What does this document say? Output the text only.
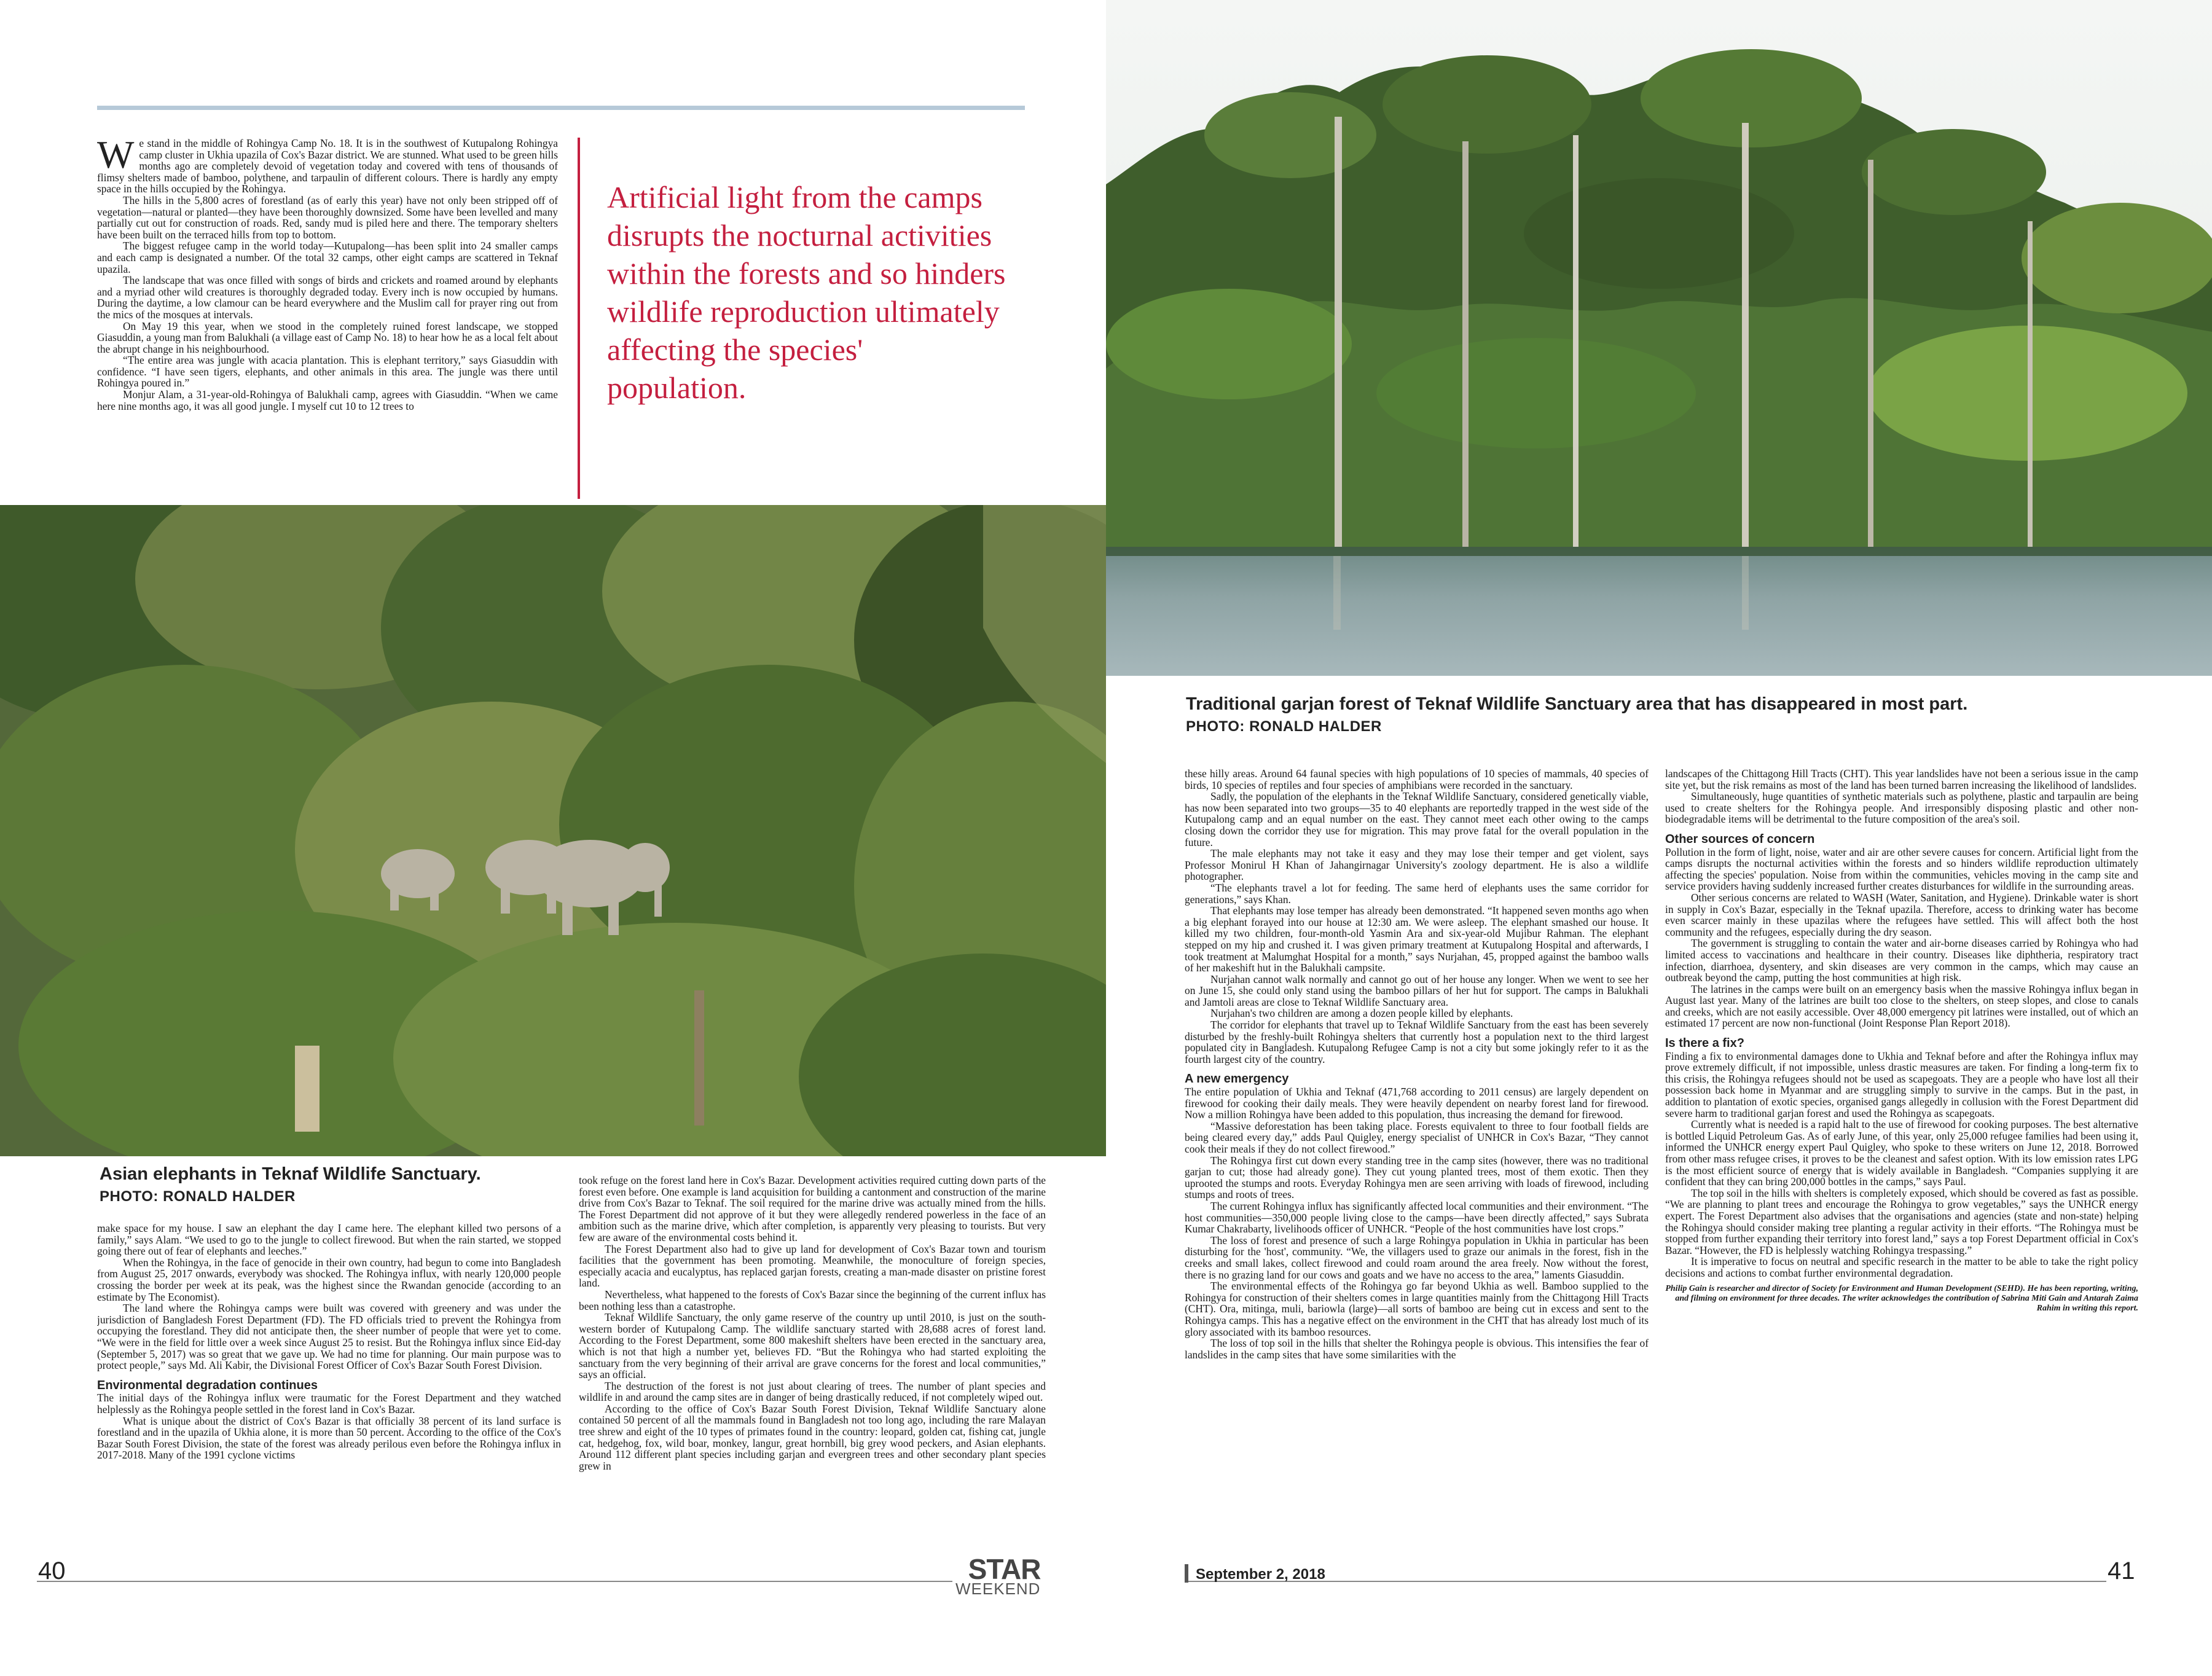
We stand in the middle of Rohingya Camp No. 18. It is in the southwest of Kutupalong Rohingya camp cluster in Ukhia upazila of Cox's Bazar district. We are stunned. What used to be green hills months ago are completely devoid of vegetation today and covered with tens of thousands of flimsy shelters made of bamboo, polythene, and tarpaulin of different colours. There is hardly any empty space in the hills occupied by the Rohingya.

The hills in the 5,800 acres of forestland (as of early this year) have not only been stripped off of vegetation—natural or planted—they have been thoroughly downsized. Some have been levelled and many partially cut out for construction of roads. Red, sandy mud is piled here and there. The temporary shelters have been built on the terraced hills from top to bottom.

The biggest refugee camp in the world today—Kutupalong—has been split into 24 smaller camps and each camp is designated a number. Of the total 32 camps, other eight camps are scattered in Teknaf upazila.

The landscape that was once filled with songs of birds and crickets and roamed around by elephants and a myriad other wild creatures is thoroughly degraded today. Every inch is now occupied by humans. During the daytime, a low clamour can be heard everywhere and the Muslim call for prayer ring out from the mics of the mosques at intervals.

On May 19 this year, when we stood in the completely ruined forest landscape, we stopped Giasuddin, a young man from Balukhali (a village east of Camp No. 18) to hear how he as a local felt about the abrupt change in his neighbourhood.

“The entire area was jungle with acacia plantation. This is elephant territory,” says Giasuddin with confidence. “I have seen tigers, elephants, and other animals in this area. The jungle was there until Rohingya poured in.”

Monjur Alam, a 31-year-old-Rohingya of Balukhali camp, agrees with Giasuddin. “When we came here nine months ago, it was all good jungle. I myself cut 10 to 12 trees to

Artificial light from the camps disrupts the nocturnal activities within the forests and so hinders wildlife reproduction ultimately affecting the species' population.
Asian elephants in Teknaf Wildlife Sanctuary.
PHOTO: RONALD HALDER
Traditional garjan forest of Teknaf Wildlife Sanctuary area that has disappeared in most part.
PHOTO: RONALD HALDER

make space for my house. I saw an elephant the day I came here. The elephant killed two persons of a family,” says Alam. “We used to go to the jungle to collect firewood. But when the rain started, we stopped going there out of fear of elephants and leeches.”

When the Rohingya, in the face of genocide in their own country, had begun to come into Bangladesh from August 25, 2017 onwards, everybody was shocked. The Rohingya influx, with nearly 120,000 people crossing the border per week at its peak, was the highest since the Rwandan genocide (according to an estimate by The Economist).

The land where the Rohingya camps were built was covered with greenery and was under the jurisdiction of Bangladesh Forest Department (FD). The FD officials tried to prevent the Rohingya from occupying the forestland. They did not anticipate then, the sheer number of people that were yet to come. “We were in the field for little over a week since August 25 to resist. But the Rohingya influx since Eid-day (September 5, 2017) was so great that we gave up. We had no time for planning. Our main purpose was to protect people,” says Md. Ali Kabir, the Divisional Forest Officer of Cox's Bazar South Forest Division.

Environmental degradation continues

The initial days of the Rohingya influx were traumatic for the Forest Department and they watched helplessly as the Rohingya people settled in the forest land in Cox's Bazar.

What is unique about the district of Cox's Bazar is that officially 38 percent of its land surface is forestland and in the upazila of Ukhia alone, it is more than 50 percent. According to the office of the Cox's Bazar South Forest Division, the state of the forest was already perilous even before the Rohingya influx in 2017-2018. Many of the 1991 cyclone victims

took refuge on the forest land here in Cox's Bazar. Development activities required cutting down parts of the forest even before. One example is land acquisition for building a cantonment and construction of the marine drive from Cox's Bazar to Teknaf. The soil required for the marine drive was actually mined from the hills. The Forest Department did not approve of it but they were allegedly rendered powerless in the face of an ambition such as the marine drive, which after completion, is apparently very pleasing to tourists. But very few are aware of the environmental costs behind it.

The Forest Department also had to give up land for development of Cox's Bazar town and tourism facilities that the government has been promoting. Meanwhile, the monoculture of foreign species, especially acacia and eucalyptus, has replaced garjan forests, creating a man-made disaster on pristine forest land.

Nevertheless, what happened to the forests of Cox's Bazar since the beginning of the current influx has been nothing less than a catastrophe.

Teknaf Wildlife Sanctuary, the only game reserve of the country up until 2010, is just on the south-western border of Kutupalong Camp. The wildlife sanctuary started with 28,688 acres of forest land. According to the Forest Department, some 800 makeshift shelters have been erected in the sanctuary area, which is not that high a number yet, believes FD. “But the Rohingya who had started exploiting the sanctuary from the very beginning of their arrival are grave concerns for the forest and local communities,” says an official.

The destruction of the forest is not just about clearing of trees. The number of plant species and wildlife in and around the camp sites are in danger of being drastically reduced, if not completely wiped out.

According to the office of Cox's Bazar South Forest Division, Teknaf Wildlife Sanctuary alone contained 50 percent of all the mammals found in Bangladesh not too long ago, including the rare Malayan tree shrew and eight of the 10 types of primates found in the country: leopard, golden cat, fishing cat, jungle cat, hedgehog, fox, wild boar, monkey, langur, great hornbill, big grey wood peckers, and Asian elephants. Around 112 different plant species including garjan and evergreen trees and other secondary plant species grew in

these hilly areas. Around 64 faunal species with high populations of 10 species of mammals, 40 species of birds, 10 species of reptiles and four species of amphibians were recorded in the sanctuary.

Sadly, the population of the elephants in the Teknaf Wildlife Sanctuary, considered genetically viable, has now been separated into two groups—35 to 40 elephants are reportedly trapped in the west side of the Kutupalong camp and an equal number on the east. They cannot meet each other owing to the camps closing down the corridor they use for migration. This may prove fatal for the overall population in the future.

The male elephants may not take it easy and they may lose their temper and get violent, says Professor Monirul H Khan of Jahangirnagar University's zoology department. He is also a wildlife photographer.

“The elephants travel a lot for feeding. The same herd of elephants uses the same corridor for generations,” says Khan.

That elephants may lose temper has already been demonstrated. “It happened seven months ago when a big elephant forayed into our house at 12:30 am. We were asleep. The elephant smashed our house. It killed my two children, four-month-old Yasmin Ara and six-year-old Mujibur Rahman. The elephant stepped on my hip and crushed it. I was given primary treatment at Kutupalong Hospital and afterwards, I took treatment at Malumghat Hospital for a month,” says Nurjahan, 45, propped against the bamboo walls of her makeshift hut in the Balukhali campsite.

Nurjahan cannot walk normally and cannot go out of her house any longer. When we went to see her on June 15, she could only stand using the bamboo pillars of her hut for support. The camps in Balukhali and Jamtoli areas are close to Teknaf Wildlife Sanctuary area.

Nurjahan's two children are among a dozen people killed by elephants.

The corridor for elephants that travel up to Teknaf Wildlife Sanctuary from the east has been severely disturbed by the freshly-built Rohingya shelters that currently host a population next to the third largest populated city in Bangladesh. Kutupalong Refugee Camp is not a city but some jokingly refer to it as the fourth largest city of the country.

A new emergency

The entire population of Ukhia and Teknaf (471,768 according to 2011 census) are largely dependent on firewood for cooking their daily meals. They were heavily dependent on nearby forest land for firewood. Now a million Rohingya have been added to this population, thus increasing the demand for firewood.

“Massive deforestation has been taking place. Forests equivalent to three to four football fields are being cleared every day,” adds Paul Quigley, energy specialist of UNHCR in Cox's Bazar, “They cannot cook their meals if they do not collect firewood.”

The Rohingya first cut down every standing tree in the camp sites (however, there was no traditional garjan to cut; those had already gone). They cut young planted trees, most of them exotic. Then they uprooted the stumps and roots. Everyday Rohingya men are seen arriving with loads of firewood, including stumps and roots of trees.

The current Rohingya influx has significantly affected local communities and their environment. “The host communities—350,000 people living close to the camps—have been directly affected,” says Subrata Kumar Chakrabarty, livelihoods officer of UNHCR. “People of the host communities have lost crops.”

The loss of forest and presence of such a large Rohingya population in Ukhia in particular has been disturbing for the 'host', community. “We, the villagers used to graze our animals in the forest, fish in the creeks and small lakes, collect firewood and could roam around the area freely. Now without the forest, there is no grazing land for our cows and goats and we have no access to the area,” laments Giasuddin.

The environmental effects of the Rohingya go far beyond Ukhia as well. Bamboo supplied to the Rohingya for construction of their shelters comes in large quantities mainly from the Chittagong Hill Tracts (CHT). Ora, mitinga, muli, bariowla (large)—all sorts of bamboo are being cut in excess and sent to the Rohingya camps. This has a negative effect on the environment in the CHT that has already lost much of its glory associated with its bamboo resources.

The loss of top soil in the hills that shelter the Rohingya people is obvious. This intensifies the fear of landslides in the camp sites that have some similarities with the

landscapes of the Chittagong Hill Tracts (CHT). This year landslides have not been a serious issue in the camp site yet, but the risk remains as most of the land has been turned barren increasing the likelihood of landslides.

Simultaneously, huge quantities of synthetic materials such as polythene, plastic and tarpaulin are being used to create shelters for the Rohingya people. And irresponsibly disposing plastic and other non-biodegradable items will be detrimental to the future composition of the area's soil.

Other sources of concern

Pollution in the form of light, noise, water and air are other severe causes for concern. Artificial light from the camps disrupts the nocturnal activities within the forests and so hinders wildlife reproduction ultimately affecting the species' population. Noise from within the communities, vehicles moving in the camp site and service providers having suddenly increased further creates disturbances for wildlife in the surrounding areas.

Other serious concerns are related to WASH (Water, Sanitation, and Hygiene). Drinkable water is short in supply in Cox's Bazar, especially in the Teknaf upazila. Therefore, access to drinking water has become even scarcer mainly in these upazilas where the refugees have settled. This will affect both the host community and the refugees, especially during the dry season.

The government is struggling to contain the water and air-borne diseases carried by Rohingya who had limited access to vaccinations and healthcare in their country. Diseases like diphtheria, respiratory tract infection, diarrhoea, dysentery, and skin diseases are very common in the camps, which may cause an outbreak beyond the camp, putting the host communities at high risk.

The latrines in the camps were built on an emergency basis when the massive Rohingya influx began in August last year. Many of the latrines are built too close to the shelters, on steep slopes, and close to canals and creeks, which are not easily accessible. Over 48,000 emergency pit latrines were installed, out of which an estimated 17 percent are now non-functional (Joint Response Plan Report 2018).

Is there a fix?

Finding a fix to environmental damages done to Ukhia and Teknaf before and after the Rohingya influx may prove extremely difficult, if not impossible, unless drastic measures are taken. For finding a long-term fix to this crisis, the Rohingya refugees should not be used as scapegoats. They are a people who have lost all their possession back home in Myanmar and are struggling simply to survive in the camps. But in the past, in addition to plantation of exotic species, organised gangs allegedly in collusion with the Forest Department did severe harm to traditional garjan forest and used the Rohingya as scapegoats.

Currently what is needed is a rapid halt to the use of firewood for cooking purposes. The best alternative is bottled Liquid Petroleum Gas. As of early June, of this year, only 25,000 refugee families had been using it, informed the UNHCR energy expert Paul Quigley, who spoke to these writers on June 12, 2018. Borrowed from other mass refugee crises, it proves to be the cleanest and safest option. With its low emission rates LPG is the most efficient source of energy that is widely available in Bangladesh. “Companies supplying it are confident that they can bring 200,000 bottles in the camps,” says Paul.

The top soil in the hills with shelters is completely exposed, which should be covered as fast as possible. “We are planning to plant trees and encourage the Rohingya to grow vegetables,” says the UNHCR energy expert. The Forest Department also advises that the organisations and agencies (state and non-state) helping the Rohingya should consider making tree planting a regular activity in their efforts. “The Rohingya must be stopped from further expanding their territory into forest land,” says a top Forest Department official in Cox's Bazar. “However, the FD is helplessly watching Rohingya trespassing.”

It is imperative to focus on neutral and specific research in the matter to be able to take the right policy decisions and actions to combat further environmental degradation.

Philip Gain is researcher and director of Society for Environment and Human Development (SEHD). He has been reporting, writing, and filming on environment for three decades. The writer acknowledges the contribution of Sabrina Miti Gain and Antarah Zaima Rahim in writing this report.
40	41
STAR
WEEKEND
September 2, 2018
